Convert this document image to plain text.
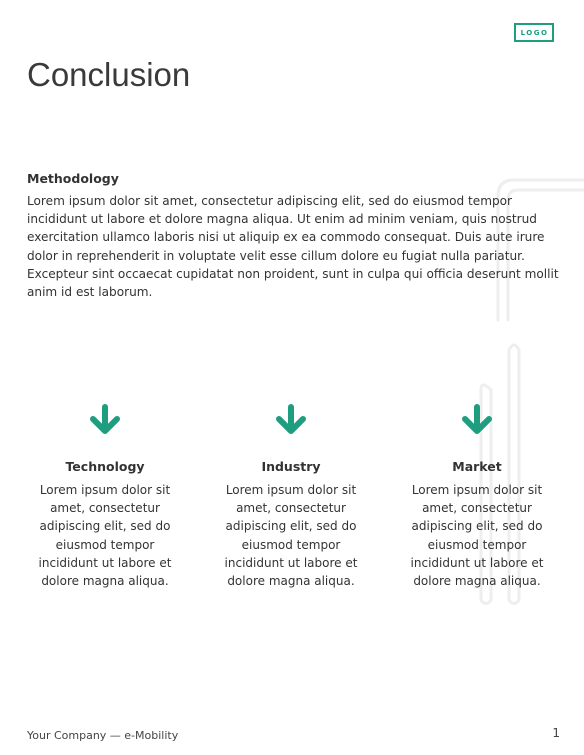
LOGO
Conclusion
Methodology

Lorem ipsum dolor sit amet, consectetur adipiscing elit, sed do eiusmod tempor incididunt ut labore et dolore magna aliqua. Ut enim ad minim veniam, quis nostrud exercitation ullamco laboris nisi ut aliquip ex ea commodo consequat. Duis aute irure dolor in reprehenderit in voluptate velit esse cillum dolore eu fugiat nulla pariatur. Excepteur sint occaecat cupidatat non proident, sunt in culpa qui officia deserunt mollit anim id est laborum.

Technology
Lorem ipsum dolor sit amet, consectetur adipiscing elit, sed do eiusmod tempor incididunt ut labore et dolore magna aliqua.
Industry
Lorem ipsum dolor sit amet, consectetur adipiscing elit, sed do eiusmod tempor incididunt ut labore et dolore magna aliqua.
Market
Lorem ipsum dolor sit amet, consectetur adipiscing elit, sed do eiusmod tempor incididunt ut labore et dolore magna aliqua.
Your Company — e-Mobility	1
